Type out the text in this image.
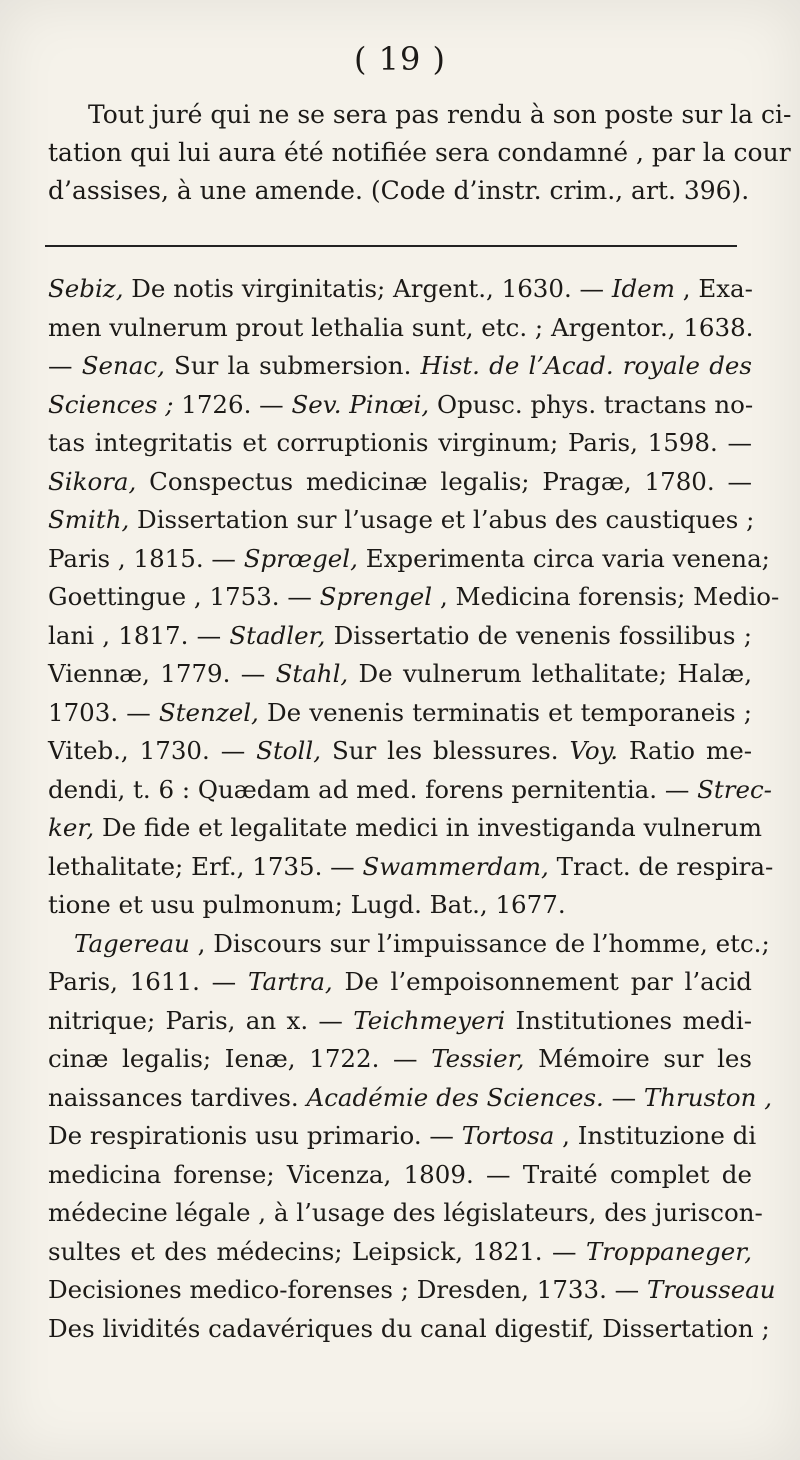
( 19 )
Tout juré qui ne se sera pas rendu à son poste sur la ci-
tation qui lui aura été notifiée sera condamné , par la cour
d’assises, à une amende. (Code d’instr. crim., art. 396).
Sebiz, De notis virginitatis; Argent., 1630. — Idem , Exa-
men vulnerum prout lethalia sunt, etc. ; Argentor., 1638.
— Senac, Sur la submersion. Hist. de l’Acad. royale des
Sciences ; 1726. — Sev. Pinœi, Opusc. phys. tractans no-
tas integritatis et corruptionis virginum; Paris, 1598. —
Sikora, Conspectus medicinæ legalis; Pragæ, 1780. —
Smith, Dissertation sur l’usage et l’abus des caustiques ;
Paris , 1815. — Sprœgel, Experimenta circa varia venena;
Goettingue , 1753. — Sprengel , Medicina forensis; Medio-
lani , 1817. — Stadler, Dissertatio de venenis fossilibus ;
Viennæ, 1779. — Stahl, De vulnerum lethalitate; Halæ,
1703. — Stenzel, De venenis terminatis et temporaneis ;
Viteb., 1730. — Stoll, Sur les blessures. Voy. Ratio me-
dendi, t. 6 : Quædam ad med. forens pernitentia. — Strec-
ker, De fide et legalitate medici in investiganda vulnerum
lethalitate; Erf., 1735. — Swammerdam, Tract. de respira-
tione et usu pulmonum; Lugd. Bat., 1677.
Tagereau , Discours sur l’impuissance de l’homme, etc.;
Paris, 1611. — Tartra, De l’empoisonnement par l’acid
nitrique; Paris, an x. — Teichmeyeri Institutiones medi-
cinæ legalis; Ienæ, 1722. — Tessier, Mémoire sur les
naissances tardives. Académie des Sciences. — Thruston ,
De respirationis usu primario. — Tortosa , Instituzione di
medicina forense; Vicenza, 1809. — Traité complet de
médecine légale , à l’usage des législateurs, des juriscon-
sultes et des médecins; Leipsick, 1821. — Troppaneger,
Decisiones medico-forenses ; Dresden, 1733. — Trousseau
Des lividités cadavériques du canal digestif, Dissertation ;
